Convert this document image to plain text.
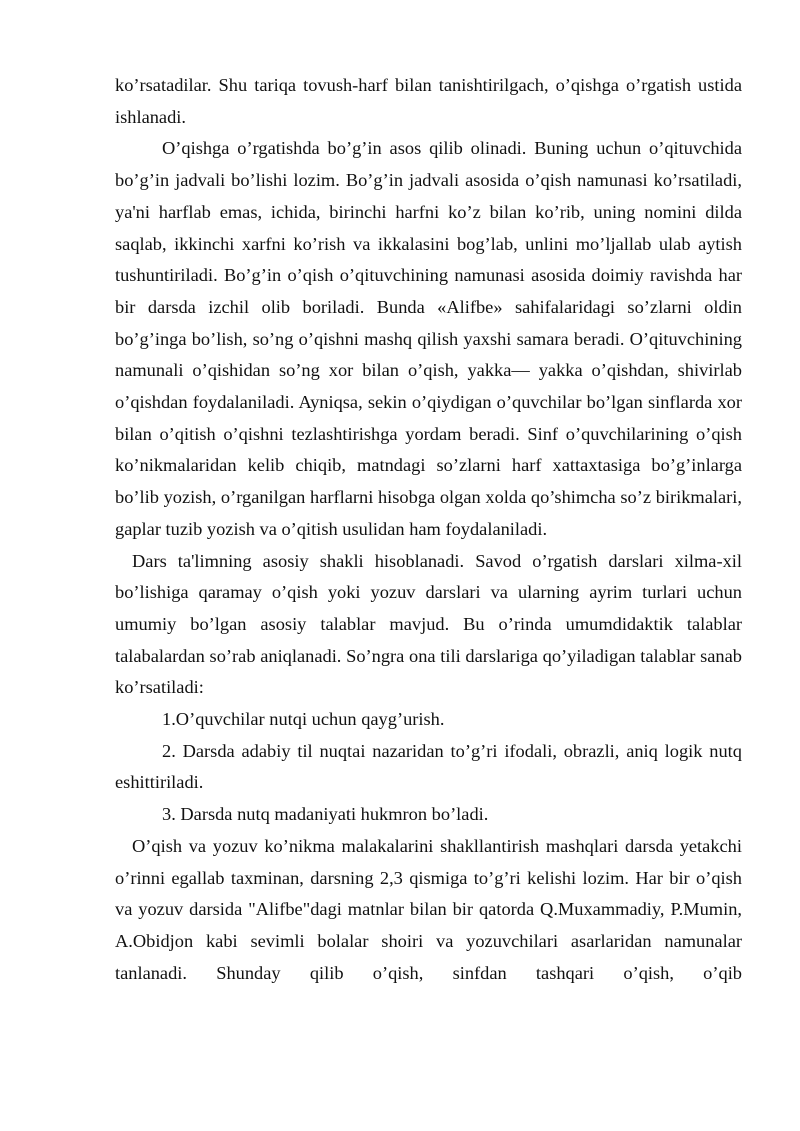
ko’rsatadilar. Shu tariqa tovush-harf bilan tanishtirilgach, o’qishga o’rgatish ustida ishlanadi.

O’qishga o’rgatishda bo’g’in asos qilib olinadi. Buning uchun o’qituvchida bo’g’in jadvali bo’lishi lozim. Bo’g’in jadvali asosida o’qish namunasi ko’rsatiladi, ya'ni harflab emas, ichida, birinchi harfni ko’z bilan ko’rib, uning nomini dilda saqlab, ikkinchi xarfni ko’rish va ikkalasini bog’lab, unlini mo’ljallab ulab aytish tushuntiriladi. Bo’g’in o’qish o’qituvchining namunasi asosida doimiy ravishda har bir darsda izchil olib boriladi. Bunda «Alifbe» sahifalaridagi so’zlarni oldin bo’g’inga bo’lish, so’ng o’qishni mashq qilish yaxshi samara beradi. O’qituvchining namunali o’qishidan so’ng xor bilan o’qish, yakka— yakka o’qishdan, shivirlab o’qishdan foydalaniladi. Ayniqsa, sekin o’qiydigan o’quvchilar bo’lgan sinflarda xor bilan o’qitish o’qishni tezlashtirishga yordam beradi. Sinf o’quvchilarining o’qish ko’nikmalaridan kelib chiqib, matndagi so’zlarni harf xattaxtasiga bo’g’inlarga bo’lib yozish, o’rganilgan harflarni hisobga olgan xolda qo’shimcha so’z birikmalari, gaplar tuzib yozish va o’qitish usulidan ham foydalaniladi.

Dars ta'limning asosiy shakli hisoblanadi. Savod o’rgatish darslari xilma-xil bo’lishiga qaramay o’qish yoki yozuv darslari va ularning ayrim turlari uchun umumiy bo’lgan asosiy talablar mavjud. Bu o’rinda umumdidaktik talablar talabalardan so’rab aniqlanadi. So’ngra ona tili darslariga qo’yiladigan talablar sanab ko’rsatiladi:

1.O’quvchilar nutqi uchun qayg’urish.

2. Darsda adabiy til nuqtai nazaridan to’g’ri ifodali, obrazli, aniq logik nutq eshittiriladi.

3. Darsda nutq madaniyati hukmron bo’ladi.

O’qish va yozuv ko’nikma malakalarini shakllantirish mashqlari darsda yetakchi o’rinni egallab taxminan, darsning 2,3 qismiga to’g’ri kelishi lozim. Har bir o’qish va yozuv darsida "Alifbe"dagi matnlar bilan bir qatorda Q.Muxammadiy, P.Mumin, A.Obidjon kabi sevimli bolalar shoiri va yozuvchilari asarlaridan namunalar tanlanadi. Shunday qilib o’qish, sinfdan tashqari o’qish, o’qib
